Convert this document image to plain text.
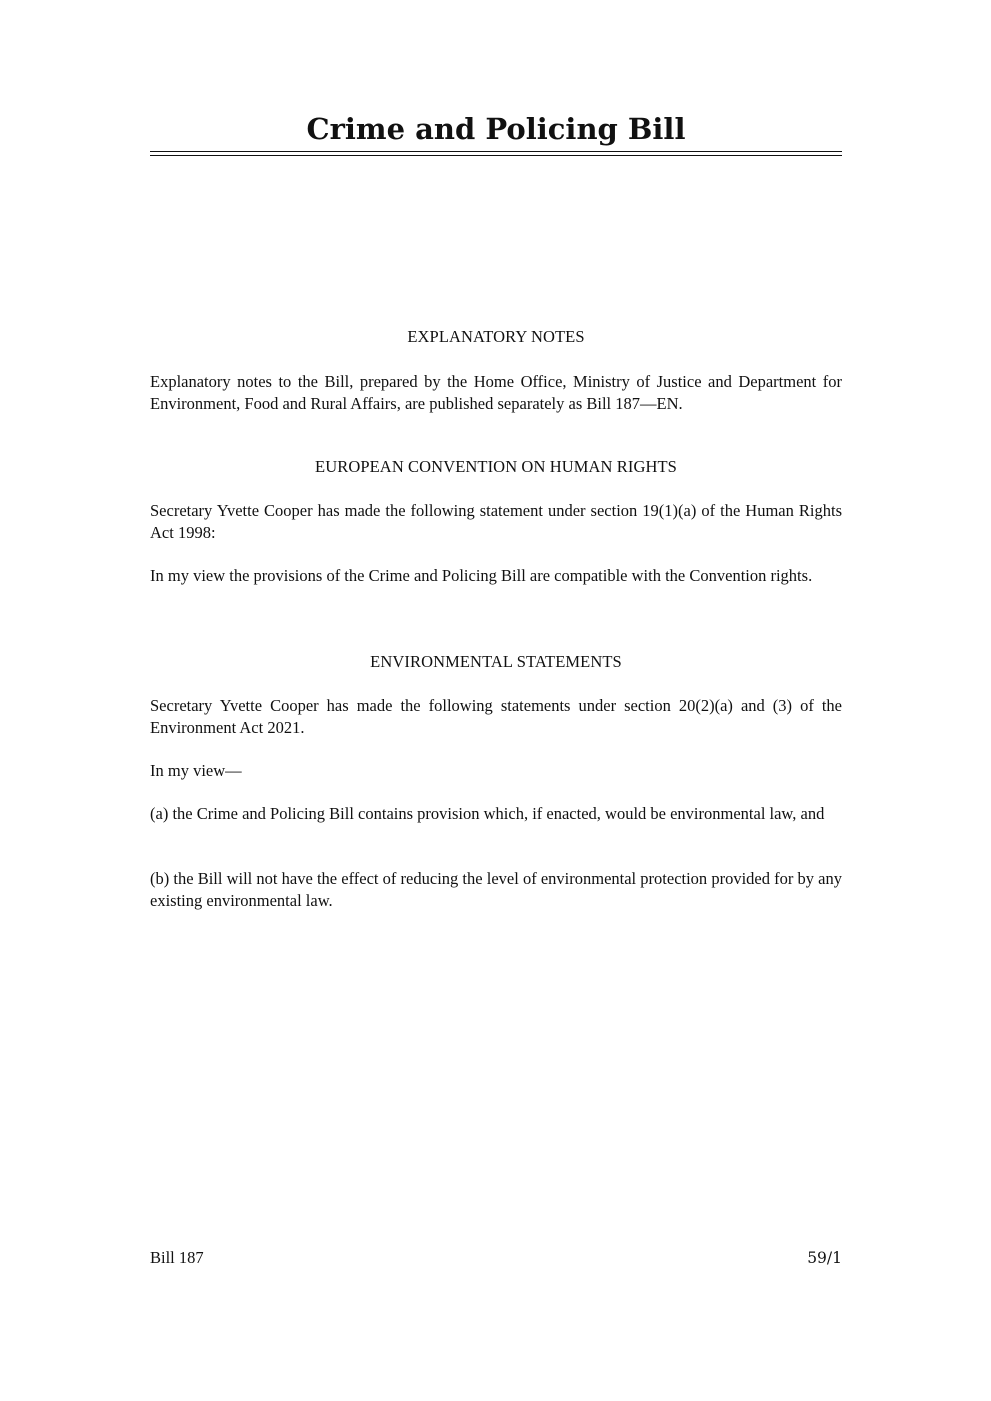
Crime and Policing Bill
EXPLANATORY NOTES
Explanatory notes to the Bill, prepared by the Home Office, Ministry of Justice and Department for Environment, Food and Rural Affairs, are published separately as Bill 187—EN.
EUROPEAN CONVENTION ON HUMAN RIGHTS
Secretary Yvette Cooper has made the following statement under section 19(1)(a) of the Human Rights Act 1998:
In my view the provisions of the Crime and Policing Bill are compatible with the Convention rights.
ENVIRONMENTAL STATEMENTS
Secretary Yvette Cooper has made the following statements under section 20(2)(a) and (3) of the Environment Act 2021.
In my view—
(a) the Crime and Policing Bill contains provision which, if enacted, would be environmental law, and
(b) the Bill will not have the effect of reducing the level of environmental protection provided for by any existing environmental law.
Bill 187	59/1
